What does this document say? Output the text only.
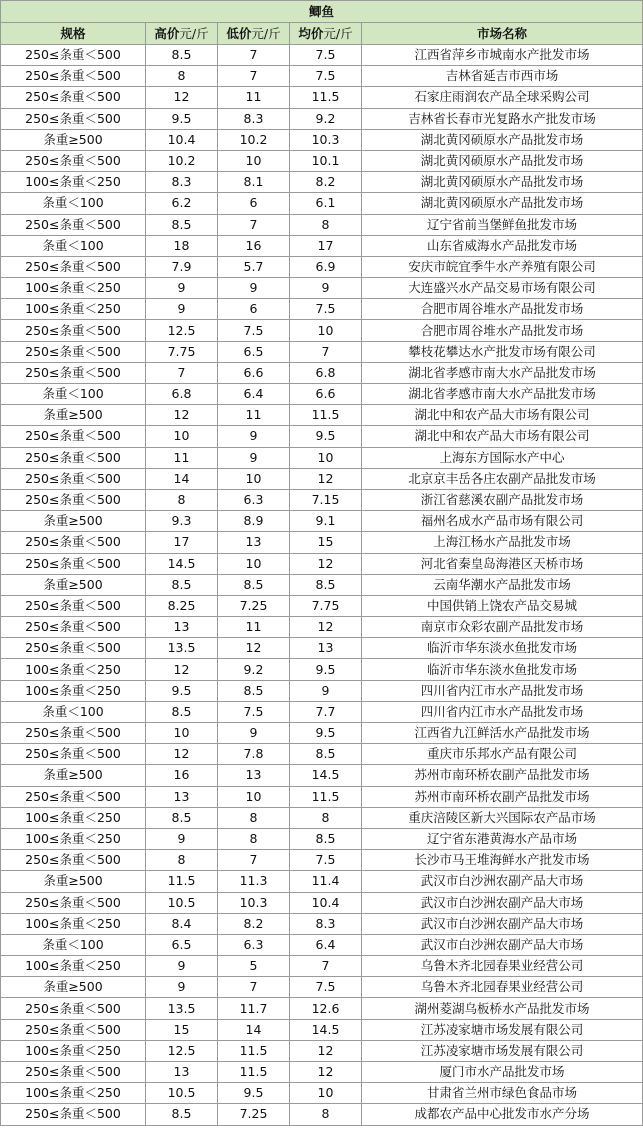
鲫鱼				
规格	高价元/斤	低价元/斤	均价元/斤	市场名称
250≤条重＜500	8.5	7	7.5	江西省萍乡市城南水产批发市场
250≤条重＜500	8	7	7.5	吉林省延吉市西市场
250≤条重＜500	12	11	11.5	石家庄雨润农产品全球采购公司
250≤条重＜500	9.5	8.3	9.2	吉林省长春市光复路水产批发市场
条重≥500	10.4	10.2	10.3	湖北黄冈硕原水产品批发市场
250≤条重＜500	10.2	10	10.1	湖北黄冈硕原水产品批发市场
100≤条重＜250	8.3	8.1	8.2	湖北黄冈硕原水产品批发市场
条重＜100	6.2	6	6.1	湖北黄冈硕原水产品批发市场
250≤条重＜500	8.5	7	8	辽宁省前当堡鲜鱼批发市场
条重＜100	18	16	17	山东省威海水产品批发市场
250≤条重＜500	7.9	5.7	6.9	安庆市皖宜季牛水产养殖有限公司
100≤条重＜250	9	9	9	大连盛兴水产品交易市场有限公司
100≤条重＜250	9	6	7.5	合肥市周谷堆水产品批发市场
250≤条重＜500	12.5	7.5	10	合肥市周谷堆水产品批发市场
250≤条重＜500	7.75	6.5	7	攀枝花攀达水产批发市场有限公司
250≤条重＜500	7	6.6	6.8	湖北省孝感市南大水产品批发市场
条重＜100	6.8	6.4	6.6	湖北省孝感市南大水产品批发市场
条重≥500	12	11	11.5	湖北中和农产品大市场有限公司
250≤条重＜500	10	9	9.5	湖北中和农产品大市场有限公司
250≤条重＜500	11	9	10	上海东方国际水产中心
250≤条重＜500	14	10	12	北京京丰岳各庄农副产品批发市场
250≤条重＜500	8	6.3	7.15	浙江省慈溪农副产品批发市场
条重≥500	9.3	8.9	9.1	福州名成水产品市场有限公司
250≤条重＜500	17	13	15	上海江杨水产品批发市场
250≤条重＜500	14.5	10	12	河北省秦皇岛海港区天桥市场
条重≥500	8.5	8.5	8.5	云南华潮水产品批发市场
250≤条重＜500	8.25	7.25	7.75	中国供销上饶农产品交易城
250≤条重＜500	13	11	12	南京市众彩农副产品批发市场
250≤条重＜500	13.5	12	13	临沂市华东淡水鱼批发市场
100≤条重＜250	12	9.2	9.5	临沂市华东淡水鱼批发市场
100≤条重＜250	9.5	8.5	9	四川省内江市水产品批发市场
条重＜100	8.5	7.5	7.7	四川省内江市水产品批发市场
250≤条重＜500	10	9	9.5	江西省九江鲜活水产品批发市场
250≤条重＜500	12	7.8	8.5	重庆市乐邦水产品有限公司
条重≥500	16	13	14.5	苏州市南环桥农副产品批发市场
250≤条重＜500	13	10	11.5	苏州市南环桥农副产品批发市场
100≤条重＜250	8.5	8	8	重庆涪陵区新大兴国际农产品市场
100≤条重＜250	9	8	8.5	辽宁省东港黄海水产品市场
250≤条重＜500	8	7	7.5	长沙市马王堆海鲜水产批发市场
条重≥500	11.5	11.3	11.4	武汉市白沙洲农副产品大市场
250≤条重＜500	10.5	10.3	10.4	武汉市白沙洲农副产品大市场
100≤条重＜250	8.4	8.2	8.3	武汉市白沙洲农副产品大市场
条重＜100	6.5	6.3	6.4	武汉市白沙洲农副产品大市场
100≤条重＜250	9	5	7	乌鲁木齐北园春果业经营公司
条重≥500	9	7	7.5	乌鲁木齐北园春果业经营公司
250≤条重＜500	13.5	11.7	12.6	湖州菱湖乌板桥水产品批发市场
250≤条重＜500	15	14	14.5	江苏凌家塘市场发展有限公司
100≤条重＜250	12.5	11.5	12	江苏凌家塘市场发展有限公司
250≤条重＜500	13	11.5	12	厦门市水产品批发市场
100≤条重＜250	10.5	9.5	10	甘肃省兰州市绿色食品市场
250≤条重＜500	8.5	7.25	8	成都农产品中心批发市水产分场
